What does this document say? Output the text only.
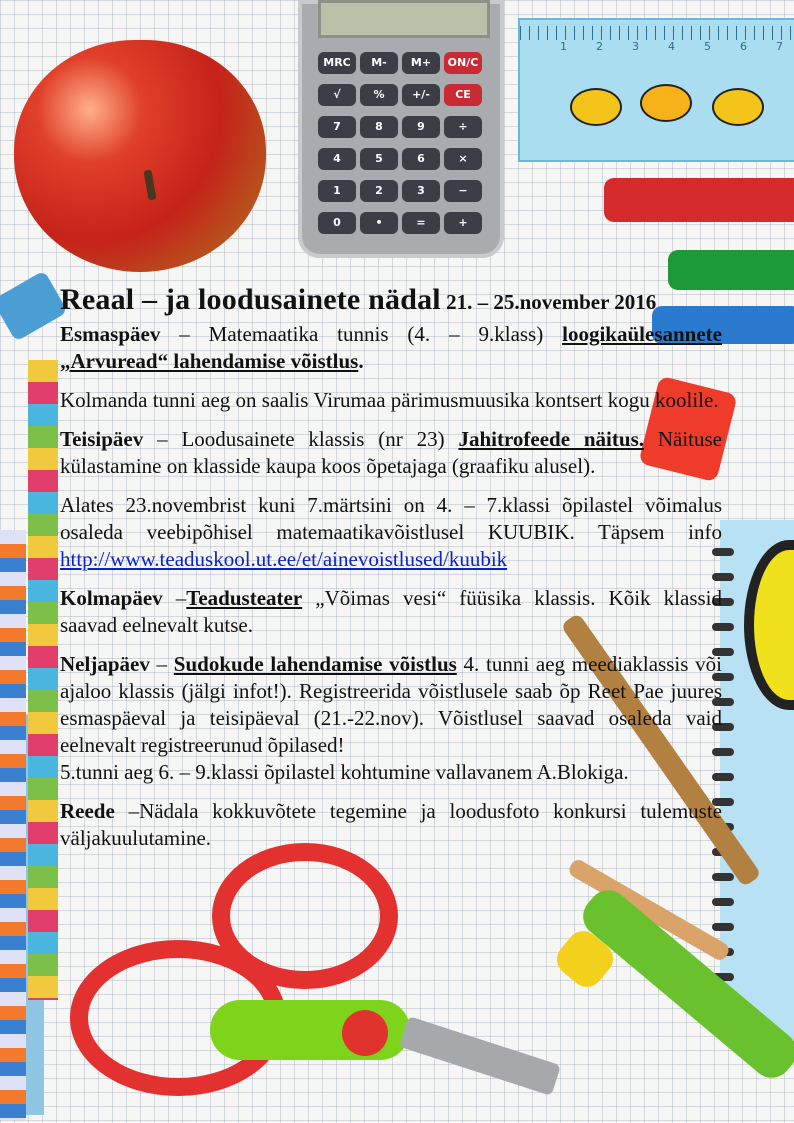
MRC	M-	M+	ON/C
√	%	+/-	CE
7	8	9	÷
4	5	6	×
1	2	3	−
0	•	=	+
1	2	3	4	5	6	7
Reaal – ja loodusainete nädal 21. – 25.november 2016

Esmaspäev – Matemaatika tunnis (4. – 9.klass) loogikaülesannete „Arvuread“ lahendamise võistlus.

Kolmanda tunni aeg on saalis Virumaa pärimusmuusika kontsert kogu koolile.

Teisipäev – Loodusainete klassis (nr 23) Jahitrofeede näitus. Näituse külastamine on klasside kaupa koos õpetajaga (graafiku alusel).

Alates 23.novembrist kuni 7.märtsini on 4. – 7.klassi õpilastel võimalus osaleda veebipõhisel matemaatikavõistlusel KUUBIK. Täpsem info http://www.teaduskool.ut.ee/et/ainevoistlused/kuubik

Kolmapäev –Teadusteater „Võimas vesi“ füüsika klassis. Kõik klassid saavad eelnevalt kutse.

Neljapäev – Sudokude lahendamise võistlus 4. tunni aeg meediaklassis või ajaloo klassis (jälgi infot!). Registreerida võistlusele saab õp Reet Pae juures esmaspäeval ja teisipäeval (21.-22.nov). Võistlusel saavad osaleda vaid eelnevalt registreerunud õpilased!

5.tunni aeg 6. – 9.klassi õpilastel kohtumine vallavanem A.Blokiga.

Reede –Nädala kokkuvõtete tegemine ja loodusfoto konkursi tulemuste väljakuulutamine.
